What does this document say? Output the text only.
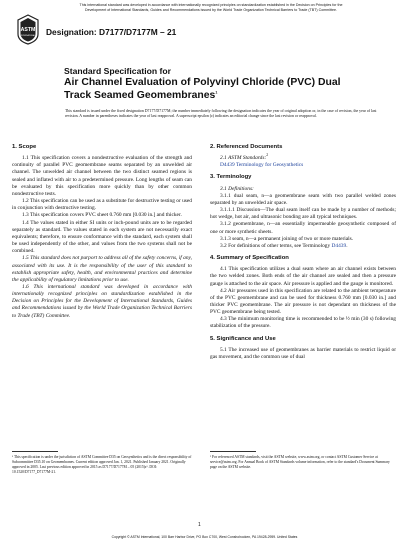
This international standard was developed in accordance with internationally recognized principles on standardization established in the Decision on Principles for the
Development of International Standards, Guides and Recommendations issued by the World Trade Organization Technical Barriers to Trade (TBT) Committee.
ASTM
INTERNATIONAL Designation: D7177/D7177M – 21
Standard Specification for
Air Channel Evaluation of Polyvinyl Chloride (PVC) Dual
Track Seamed Geomembranes$^1$
This standard is issued under the fixed designation D7177/D7177M; the number immediately following the designation indicates the year of original adoption or, in the case of revision, the year of last revision. A number in parentheses indicates the year of last reapproval. A superscript epsilon (ε) indicates an editorial change since the last revision or reapproval.
1. Scope

1.1 This specification covers a nondestructive evaluation of the strength and continuity of parallel PVC geomembrane seams separated by an unwelded air channel. The unwelded air channel between the two distinct seamed regions is sealed and inflated with air to a predetermined pressure. Long lengths of seam can be evaluated by this specification more quickly than by other common nondestructive tests.

1.2 This specification can be used as a substitute for destructive testing or used in conjunction with destructive testing.

1.3 This specification covers PVC sheet 0.760 mm [0.030 in.] and thicker.

1.4 The values stated in either SI units or inch-pound units are to be regarded separately as standard. The values stated in each system are not necessarily exact equivalents; therefore, to ensure conformance with the standard, each system shall be used independently of the other, and values from the two systems shall not be combined.

1.5 This standard does not purport to address all of the safety concerns, if any, associated with its use. It is the responsibility of the user of this standard to establish appropriate safety, health, and environmental practices and determine the applicability of regulatory limitations prior to use.

1.6 This international standard was developed in accordance with internationally recognized principles on standardization established in the Decision on Principles for the Development of International Standards, Guides and Recommendations issued by the World Trade Organization Technical Barriers to Trade (TBT) Committee.

2. Referenced Documents

2.1 ASTM Standards:$^2$

D4439 Terminology for Geosynthetics

3. Terminology

3.1 Definitions:

3.1.1 dual seam, n—a geomembrane seam with two parallel welded zones separated by an unwelded air space.

3.1.1.1 Discussion—The dual seam itself can be made by a number of methods; hot wedge, hot air, and ultrasonic bonding are all typical techniques.

3.1.2 geomembrane, n—an essentially impermeable geosynthetic composed of one or more synthetic sheets.

3.1.3 seam, n—a permanent joining of two or more materials.

3.2 For definitions of other terms, see Terminology D4439.

4. Summary of Specification

4.1 This specification utilizes a dual seam where an air channel exists between the two welded zones. Both ends of the air channel are sealed and then a pressure gauge is attached to the air space. Air pressure is applied and the gauge is monitored.

4.2 Air pressures used in this specification are related to the ambient temperature of the PVC geomembrane and can be used for thickness 0.760 mm [0.030 in.] and thicker PVC geomembrane. The air pressure is not dependant on thickness of the PVC geomembrane being tested.

4.3 The minimum monitoring time is recommended to be ½ min (30 s) following stabilization of the pressure.

5. Significance and Use

5.1 The increased use of geomembranes as barrier materials to restrict liquid or gas movement, and the common use of dual

¹ This specification is under the jurisdiction of ASTM Committee D35 on Geosynthetics and is the direct responsibility of Subcommittee D35.10 on Geomembranes. Current edition approved Jan. 1, 2021. Published January 2021. Originally approved in 2005. Last previous edition approved in 2015 as D7177/D7177M – 05 (2015)ε¹. DOI: 10.1520/D7177_D7177M-21.
² For referenced ASTM standards, visit the ASTM website, www.astm.org, or contact ASTM Customer Service at service@astm.org. For Annual Book of ASTM Standards volume information, refer to the standard's Document Summary page on the ASTM website.
1
Copyright © ASTM International, 100 Barr Harbor Drive, PO Box C700, West Conshohocken, PA 19428-2959. United States
